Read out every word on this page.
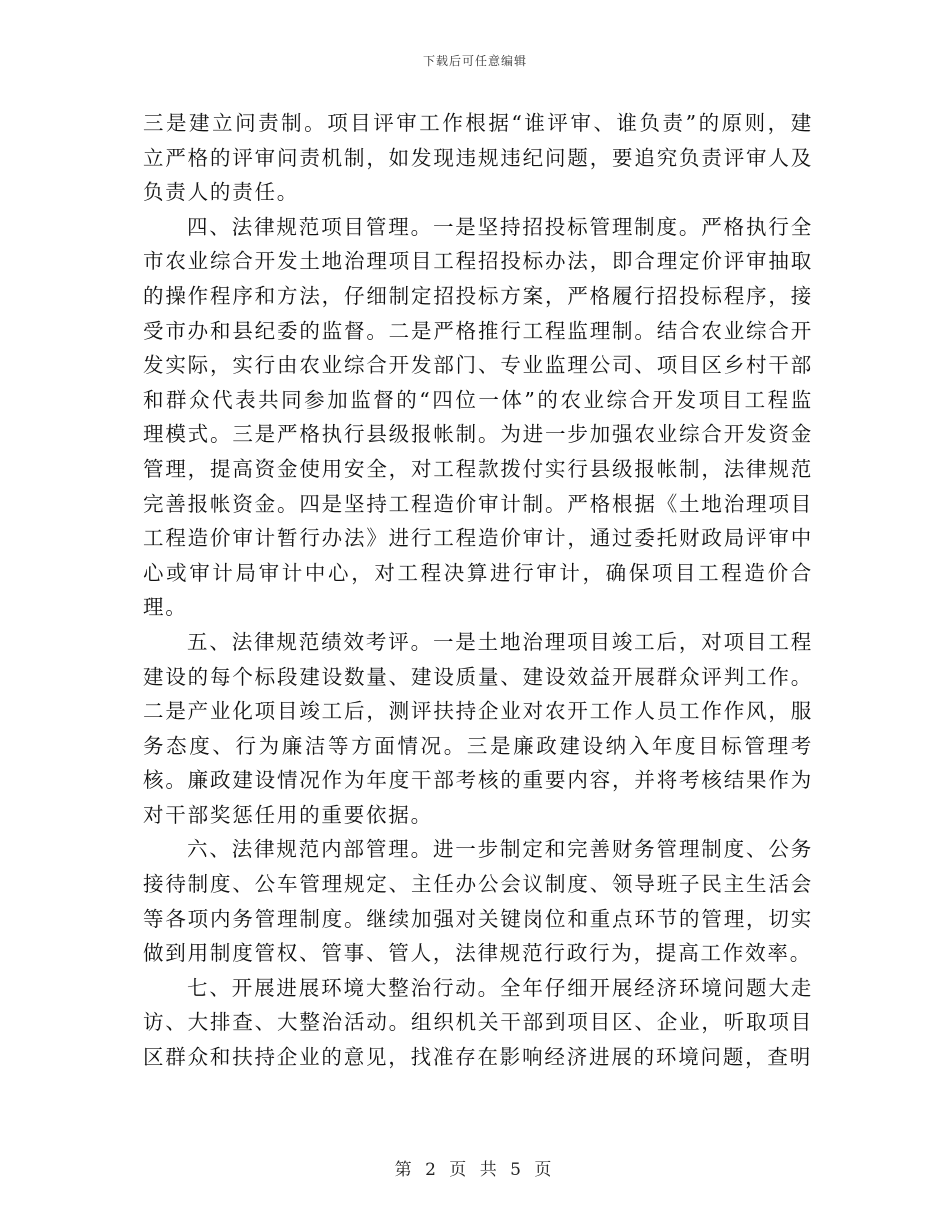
下载后可任意编辑

三是建立问责制。项目评审工作根据“谁评审、谁负责”的原则，建立严格的评审问责机制，如发现违规违纪问题，要追究负责评审人及负责人的责任。

四、法律规范项目管理。一是坚持招投标管理制度。严格执行全市农业综合开发土地治理项目工程招投标办法，即合理定价评审抽取的操作程序和方法，仔细制定招投标方案，严格履行招投标程序，接受市办和县纪委的监督。二是严格推行工程监理制。结合农业综合开发实际，实行由农业综合开发部门、专业监理公司、项目区乡村干部和群众代表共同参加监督的“四位一体”的农业综合开发项目工程监理模式。三是严格执行县级报帐制。为进一步加强农业综合开发资金管理，提高资金使用安全，对工程款拨付实行县级报帐制，法律规范完善报帐资金。四是坚持工程造价审计制。严格根据《土地治理项目工程造价审计暂行办法》进行工程造价审计，通过委托财政局评审中心或审计局审计中心，对工程决算进行审计，确保项目工程造价合理。

五、法律规范绩效考评。一是土地治理项目竣工后，对项目工程建设的每个标段建设数量、建设质量、建设效益开展群众评判工作。二是产业化项目竣工后，测评扶持企业对农开工作人员工作作风，服务态度、行为廉洁等方面情况。三是廉政建设纳入年度目标管理考核。廉政建设情况作为年度干部考核的重要内容，并将考核结果作为对干部奖惩任用的重要依据。

六、法律规范内部管理。进一步制定和完善财务管理制度、公务接待制度、公车管理规定、主任办公会议制度、领导班子民主生活会等各项内务管理制度。继续加强对关键岗位和重点环节的管理，切实做到用制度管权、管事、管人，法律规范行政行为，提高工作效率。

七、开展进展环境大整治行动。全年仔细开展经济环境问题大走访、大排查、大整治活动。组织机关干部到项目区、企业，听取项目区群众和扶持企业的意见，找准存在影响经济进展的环境问题，查明

第 2 页 共 5 页
